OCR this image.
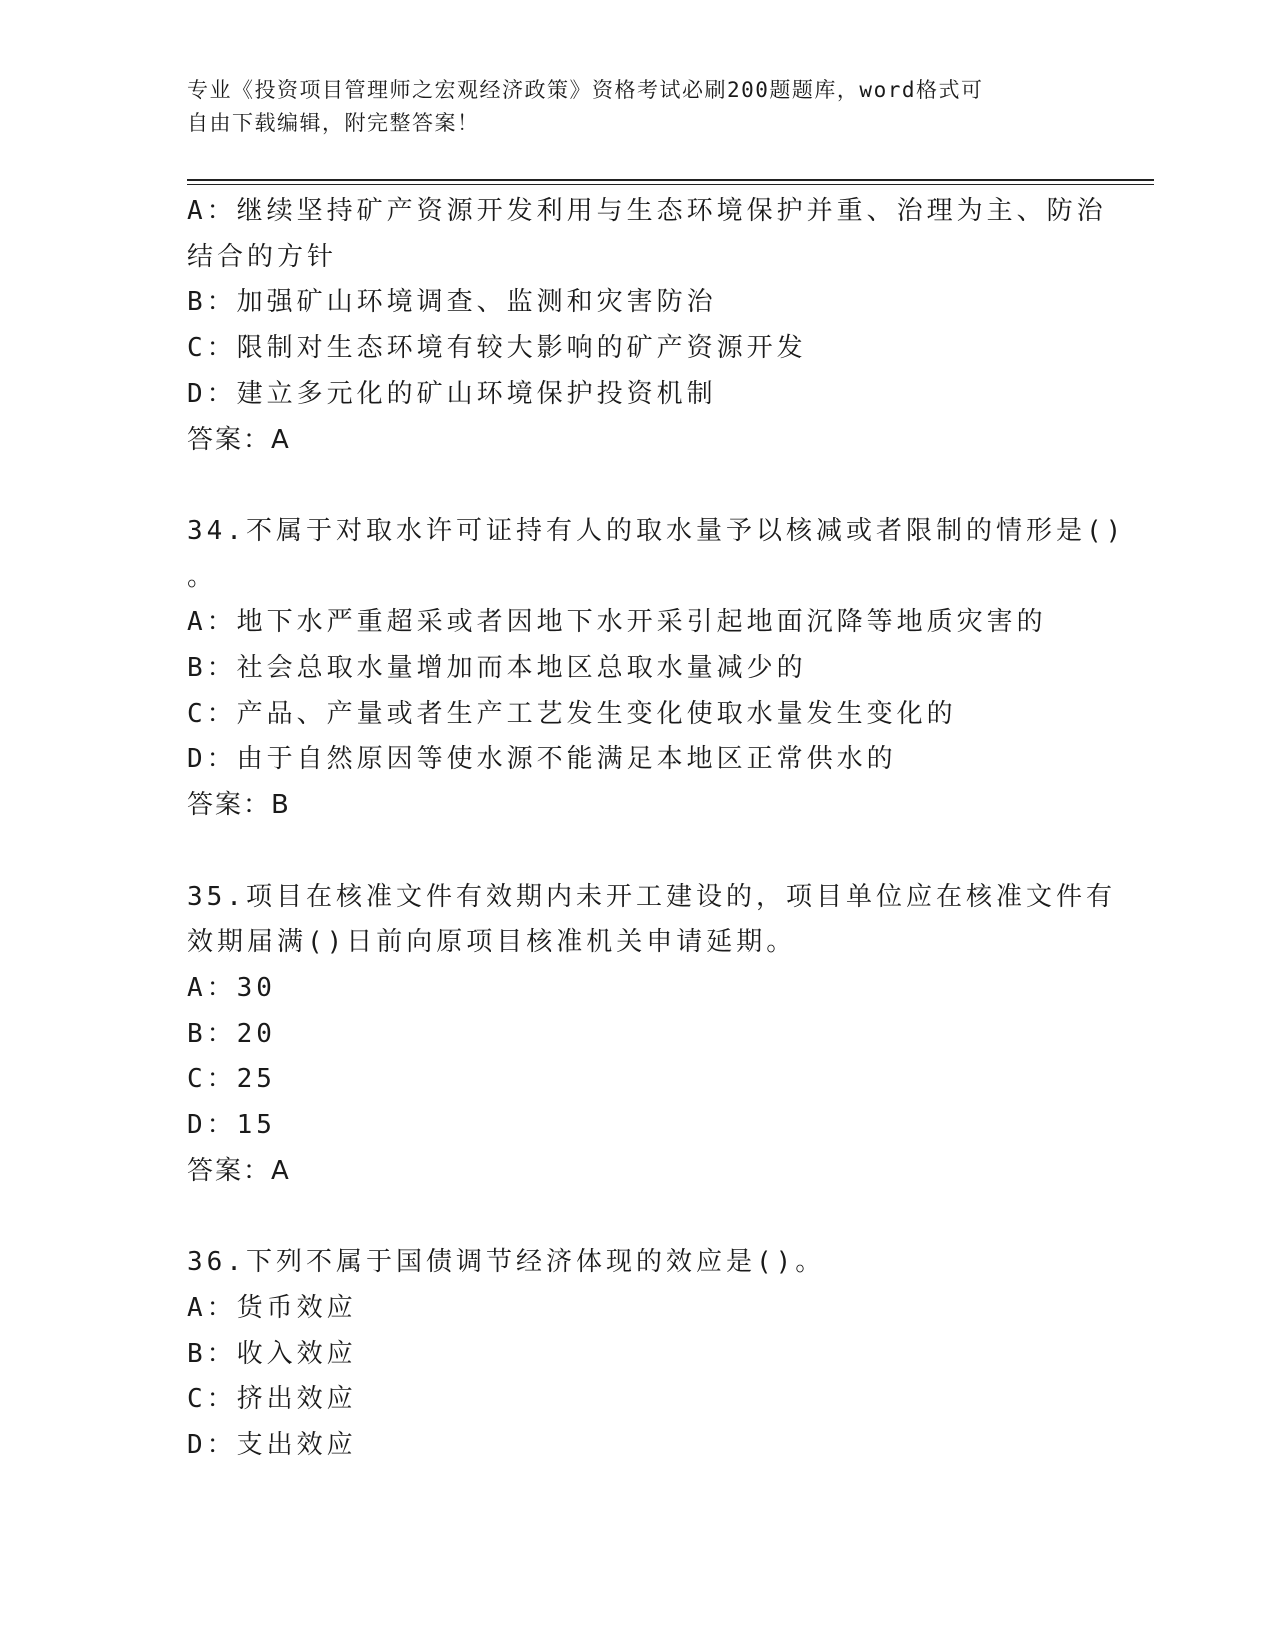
专业《投资项目管理师之宏观经济政策》资格考试必刷200题题库，word格式可
自由下载编辑，附完整答案！
A：继续坚持矿产资源开发利用与生态环境保护并重、治理为主、防治
结合的方针
B：加强矿山环境调查、监测和灾害防治
C：限制对生态环境有较大影响的矿产资源开发
D：建立多元化的矿山环境保护投资机制
答案：A
34.不属于对取水许可证持有人的取水量予以核减或者限制的情形是()
。
A：地下水严重超采或者因地下水开采引起地面沉降等地质灾害的
B：社会总取水量增加而本地区总取水量减少的
C：产品、产量或者生产工艺发生变化使取水量发生变化的
D：由于自然原因等使水源不能满足本地区正常供水的
答案：B
35.项目在核准文件有效期内未开工建设的，项目单位应在核准文件有
效期届满()日前向原项目核准机关申请延期。
A：30
B：20
C：25
D：15
答案：A
36.下列不属于国债调节经济体现的效应是()。
A：货币效应
B：收入效应
C：挤出效应
D：支出效应
